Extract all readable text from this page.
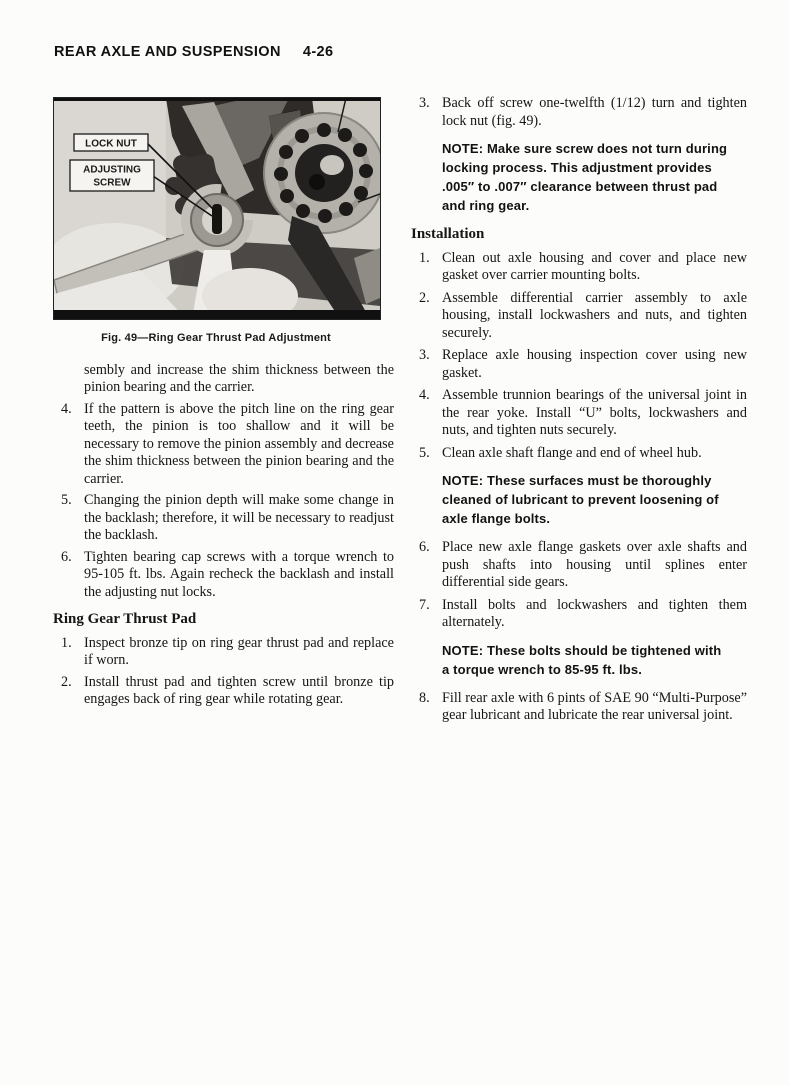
REAR AXLE AND SUSPENSION 4-26
LOCK NUT
ADJUSTING
SCREW
Fig. 49—Ring Gear Thrust Pad Adjustment
sembly and increase the shim thickness between the pinion bearing and the carrier.
4. If the pattern is above the pitch line on the ring gear teeth, the pinion is too shallow and it will be necessary to remove the pinion assembly and decrease the shim thickness between the pinion bearing and the carrier.
5. Changing the pinion depth will make some change in the backlash; therefore, it will be necessary to readjust the backlash.
6. Tighten bearing cap screws with a torque wrench to 95-105 ft. lbs. Again recheck the backlash and install the adjusting nut locks.
Ring Gear Thrust Pad
1. Inspect bronze tip on ring gear thrust pad and replace if worn.
2. Install thrust pad and tighten screw until bronze tip engages back of ring gear while rotating gear.
3. Back off screw one-twelfth (1/12) turn and tighten lock nut (fig. 49).
NOTE: Make sure screw does not turn during locking process. This adjustment provides .005″ to .007″ clearance between thrust pad and ring gear.
Installation
1. Clean out axle housing and cover and place new gasket over carrier mounting bolts.
2. Assemble differential carrier assembly to axle housing, install lockwashers and nuts, and tighten securely.
3. Replace axle housing inspection cover using new gasket.
4. Assemble trunnion bearings of the universal joint in the rear yoke. Install “U” bolts, lockwashers and nuts, and tighten nuts securely.
5. Clean axle shaft flange and end of wheel hub.
NOTE: These surfaces must be thoroughly cleaned of lubricant to prevent loosening of axle flange bolts.
6. Place new axle flange gaskets over axle shafts and push shafts into housing until splines enter differential side gears.
7. Install bolts and lockwashers and tighten them alternately.
NOTE: These bolts should be tightened with a torque wrench to 85-95 ft. lbs.
8. Fill rear axle with 6 pints of SAE 90 “Multi-Purpose” gear lubricant and lubricate the rear universal joint.
